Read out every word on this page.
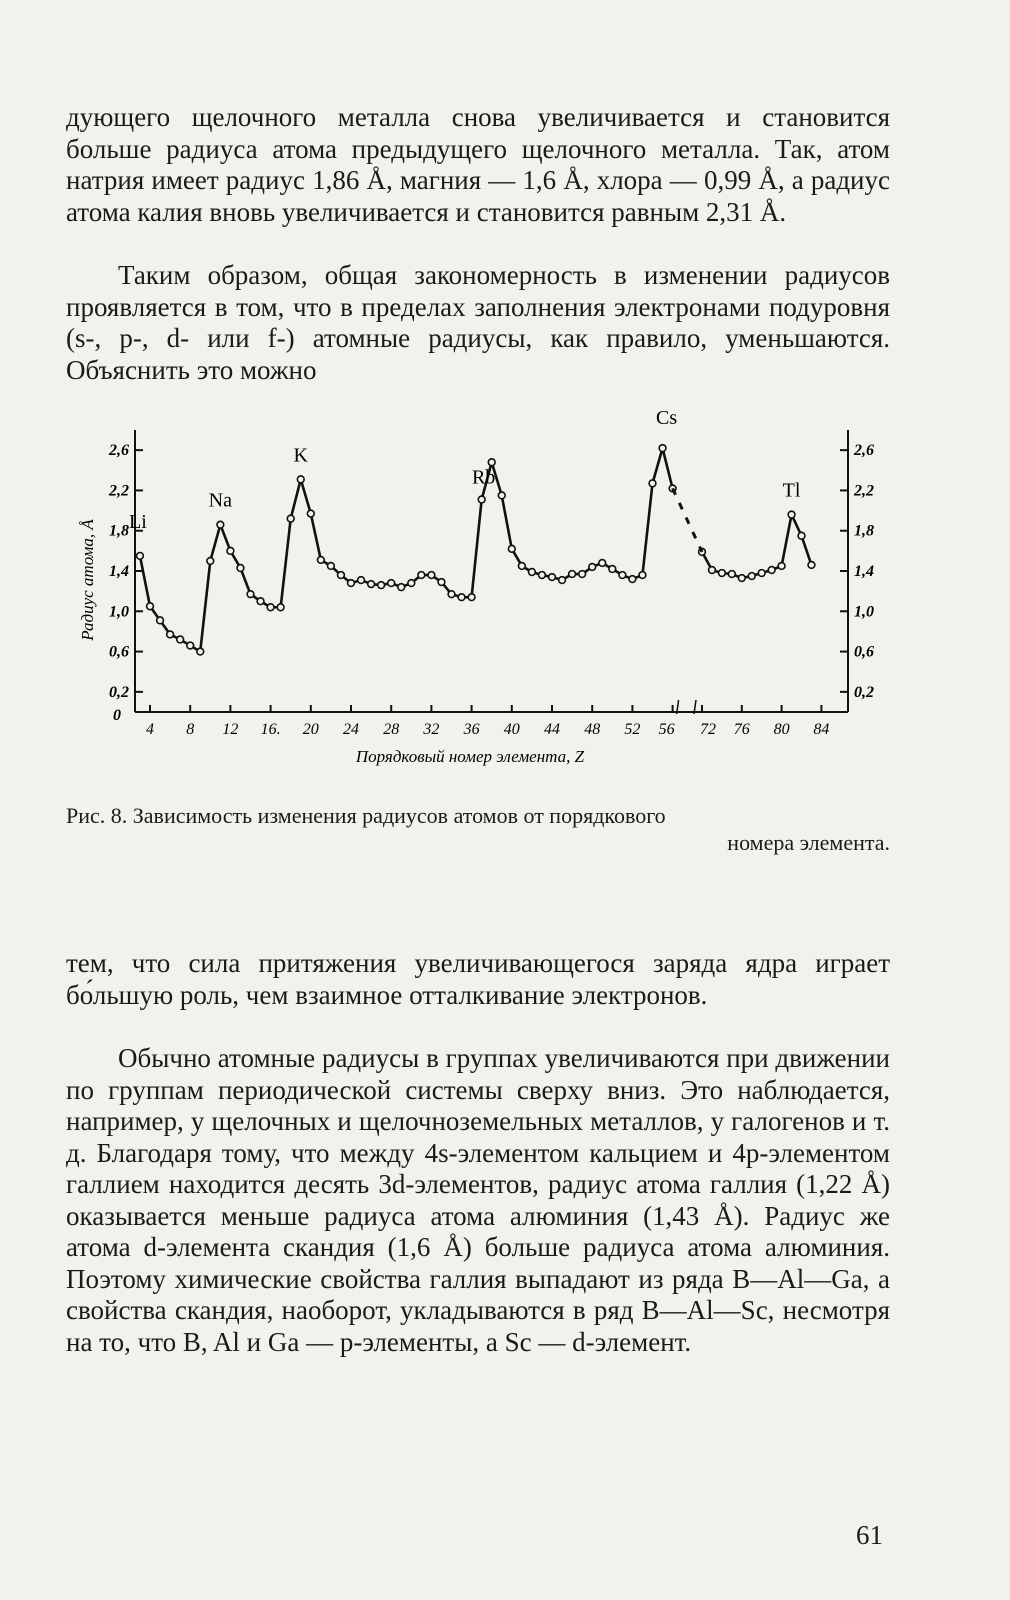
дующего щелочного металла снова увеличивается и становится больше радиуса атома предыдущего щелочного металла. Так, атом натрия имеет радиус 1,86 Å, магния — 1,6 Å, хлора — 0,99 Å, а радиус атома калия вновь увеличивается и становится равным 2,31 Å.

Таким образом, общая закономерность в изменении радиусов проявляется в том, что в пределах заполнения электронами подуровня (s-, p-, d- или f-) атомные радиусы, как правило, уменьшаются. Объяснить это можно

0,2	0,2
0,6	0,6
1,0	1,0
1,4	1,4
1,8	1,8
2,2	2,2
2,6	2,6
0
4 8 12 16. 20 24 28 32 36 40 44 48 52 56 72 76 80 84
Порядковый номер элемента, Z
Радиус атома, Å Li
Na
K
Rb
Cs
Tl

Рис. 8. Зависимость изменения радиусов атомов от порядкового
номера элемента.

тем, что сила притяжения увеличивающегося заряда ядра играет бо́льшую роль, чем взаимное отталкивание электронов.

Обычно атомные радиусы в группах увеличиваются при движении по группам периодической системы сверху вниз. Это наблюдается, например, у щелочных и щелочноземельных металлов, у галогенов и т. д. Благодаря тому, что между 4s-элементом кальцием и 4p-элементом галлием находится десять 3d-элементов, радиус атома галлия (1,22 Å) оказывается меньше радиуса атома алюминия (1,43 Å). Радиус же атома d-элемента скандия (1,6 Å) больше радиуса атома алюминия. Поэтому химические свойства галлия выпадают из ряда B—Al—Ga, а свойства скандия, наоборот, укладываются в ряд B—Al—Sc, несмотря на то, что B, Al и Ga — p-элементы, а Sc — d-элемент.

61
